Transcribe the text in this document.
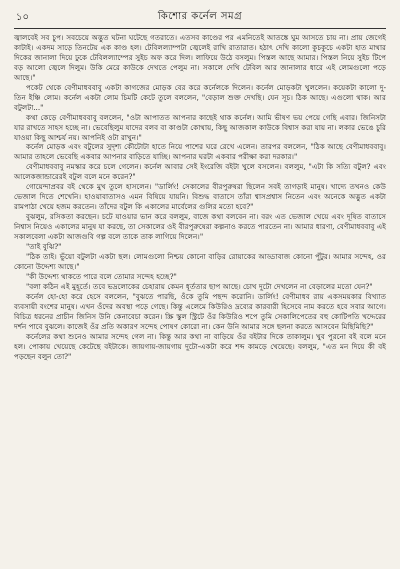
১০	কিশোর কর্নেল সমগ্র

জ্বালবেই সব চুপ। সবচেয়ে অদ্ভুত ঘটনা ঘটেছে গতরাতে। এতসব কাণ্ডের পর এমনিতেই আতঙ্কে ঘুম আসতে চায় না। প্রায় জেগেই কাটাই। একদম সাড়ে তিনটেয় এক কাণ্ড হল। টেবিলল্যাম্পটা জ্বেলেই রাখি রাতারাত। হঠাৎ দেখি কালো কুচকুচে একটা হাত মাথার দিকের জানালা দিয়ে ঢুকে টেবিলল্যাম্পের সুইচ অফ করে দিল। লাফিয়ে উঠে বসলুম। পিস্তল আছে আমার। পিস্তল নিয়ে সুইচ টিপে বড় আলো জ্বেলে দিলুম। উকি মেরে কাউকে দেখতে পেলুম না। সকালে দেখি টেবিল আর জানালার ধারে এই লোমগুলো পড়ে আছে।"

পকেট থেকে বেণীমাধববাবু একটা কাগজের মোড়ক বের করে কর্নেলকে দিলেন। কর্নেল মোড়কটা খুললেন। কয়েকটা কালো দু-তিন ইঞ্চি লোম। কর্নেল একটা লোম চিমটি কেটে তুলে বললেন, "বেড়াল শুক্ত দেখছি। যেন সূচ। ঠিক আছে। এগুলো থাক। আর বটুলটা..."

কথা কেড়ে বেণীমাধববাবু বললেন, "ওটা আপাতত আপনার কাছেই থাক কর্নেল। আমি ভীষণ ভয় পেয়ে গেছি এবার। জিনিসটা যার রাখতে সাহস হচ্ছে না। ভেবেছিলুম যাদের বলব বা কাণ্ডটা কোথায়, কিছু আজকাল কাউকে বিশ্বাস করা যায় না। লকার ভেঙে চুরি যাওয়া কিছু আশ্চর্য নয়। আপনিই ওটা রাখুন।"

কর্নেল মোড়ক এবং বটুলের সুদৃশ্য কৌটোটা হাতে নিয়ে পাশের ঘরে রেখে এলেন। তারপর বললেন, "ঠিক আছে বেণীমাধববাবু। আমার তাহলে ভেবেছি একবার আপনার বাড়িতে যাচ্ছি। আপনার ঘরটা একবার পরীক্ষা করা দরকার।"

বেণীমাধববাবু নমস্কার করে চলে গেলেন। কর্নেল আবার সেই ইংরেজি বইটা খুলে বসলেন। বললুম, "এটা কি সত্যি বটুল? এবং আলেকজান্ডারেরই বটুল বলে মনে করেন?"

গোয়েন্দাপ্রবর বই থেকে মুখ তুলে হাসলেন। "ডার্লিং! সেকালের বীরপুরুষরা ছিলেন সবই তাগড়াই মানুষ। খাদ্যে তখনও কেউ ভেজাল দিতে শেখেনি। হাওয়াবাতাসও এমন বিষিয়ে যায়নি। বিশুদ্ধ বাতাসে তাঁরা শ্বাসপ্রশ্বাস নিতেন এবং অনেকে অদ্ভুত একটা রামপাঠা খেয়ে হজম করতেন। তাঁদের বটুল কি একালের মার্বেলের গুলির মতো হবে?"

বুঝলুম, রসিকতা করছেন। চটে যাওয়ার ভান করে বললুম, বাজে কথা বলবেন না। বরং এত ভেজাল খেয়ে এবং দূষিত বাতাসে নিশ্বাস নিয়েও একালের মানুষ যা করছে, তা সেকালের ওই বীরপুরুষেরা কল্পনাও করতে পারতেন না। আমার ধারণা, বেণীমাধববাবু এই সকালবেলা একটা আজগুবি গল্প বলে তাকে তাক লাগিয়ে দিলেন।"

"তাই বুঝি?"

"ঠিক তাই। ভুঁয়ো বটুলটা একটা ছল। লোমগুলো নিশ্চয় কোনো বাড়ির রোয়াকের আড্ডাবাজ কোনো পুঁটুর। আমার সন্দেহ, ওর কোনো উদ্দেশ্য আছে।"

"কী উদ্দেশ্য থাকতে পারে বলে তোমার সন্দেহ হচ্ছে?"

"বলা কঠিন এই মুহূর্তে। তবে ভদ্রলোকের চেহারায় কেমন ধূর্ততার ছাপ আছে। চোখ দুটো দেখলেন না বেড়ালের মতো যেন?"

কর্নেল হো-হো করে হেসে বললেন, "বুঝতে পারছি, ওঁকে তুমি পছন্দ করোনি। ডার্লিং! বেণীমাধব রায় একসময়কার বিখ্যাত ব্যবসায়ী বংশের মানুষ। এখন ওঁদের অবস্থা পড়ে গেছে। কিন্তু এলেমে কিউরিও দ্রব্যের কারবারী হিসেবে নাম করতে হবে সবার আগে। বিচিত্র ধরনের প্রাচীন জিনিস উনি কেনাবেচা করেন। স্ক্রি স্কুল স্ট্রিটে ওঁর কিউরিও শপে তুমি সেকালিপেতের বহু কোটিপতি খদ্দেরের দর্শন পাবে বুঝলে। কাজেই ওঁর প্রতি অকারণ সন্দেহ পোষণ কোরো না। কেন উনি আমার সঙ্গে ছলনা করতে আসবেন মিছিমিছি?"

কর্নেলের কথা শুনেও আমার সন্দেহ গেল না। কিন্তু আর কথা না বাড়িয়ে ওঁর বইটার দিকে তাকালুম। খুব পুরনো বই বলে মনে হল। পোকায় খেয়েছে কেটেছে বইটাকে। জায়গায়-জায়গায় দুটো-একটা করে শব্দ কামড়ে খেয়েছে। বললুম, "এত মন দিয়ে কী বই পড়ছেন বলুন তো?"
